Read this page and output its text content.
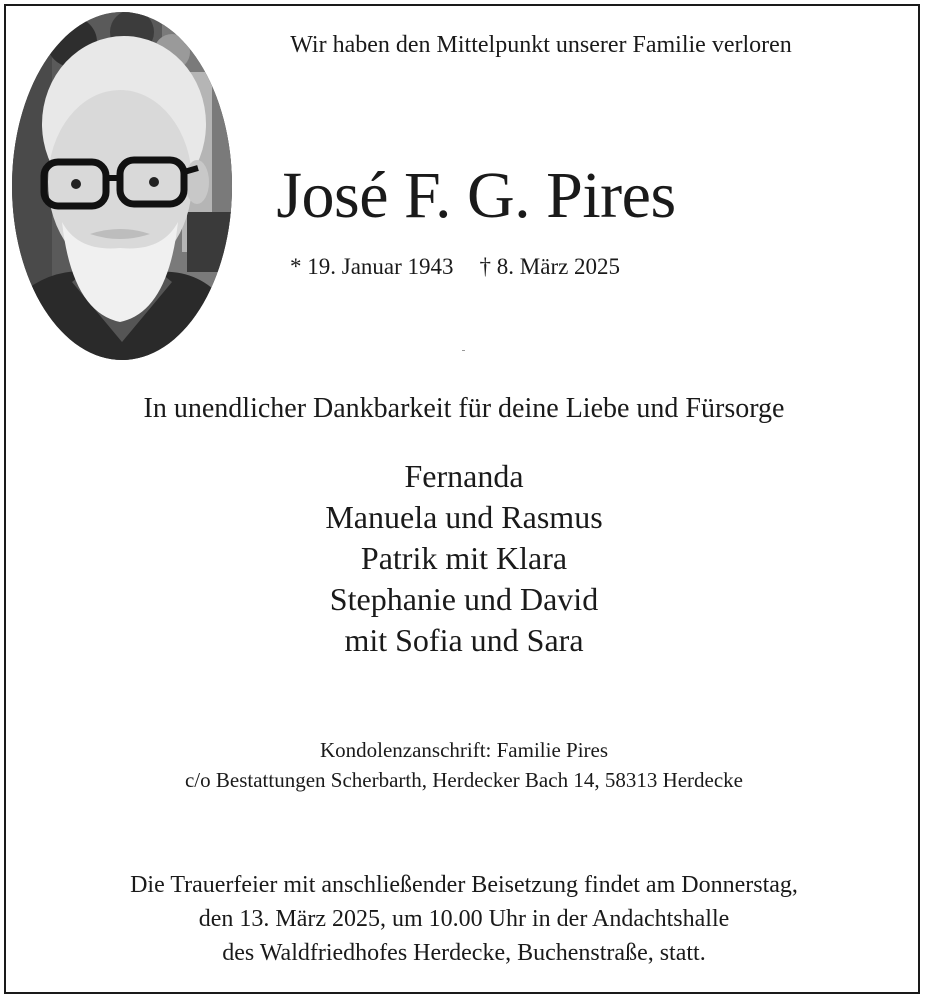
Wir haben den Mittelpunkt unserer Familie verloren
José F. G. Pires
* 19. Januar 1943 † 8. März 2025
In unendlicher Dankbarkeit für deine Liebe und Fürsorge
Fernanda
Manuela und Rasmus
Patrik mit Klara
Stephanie und David
mit Sofia und Sara
Kondolenzanschrift: Familie Pires
c/o Bestattungen Scherbarth, Herdecker Bach 14, 58313 Herdecke
Die Trauerfeier mit anschließender Beisetzung findet am Donnerstag,
den 13. März 2025, um 10.00 Uhr in der Andachtshalle
des Waldfriedhofes Herdecke, Buchenstraße, statt.
